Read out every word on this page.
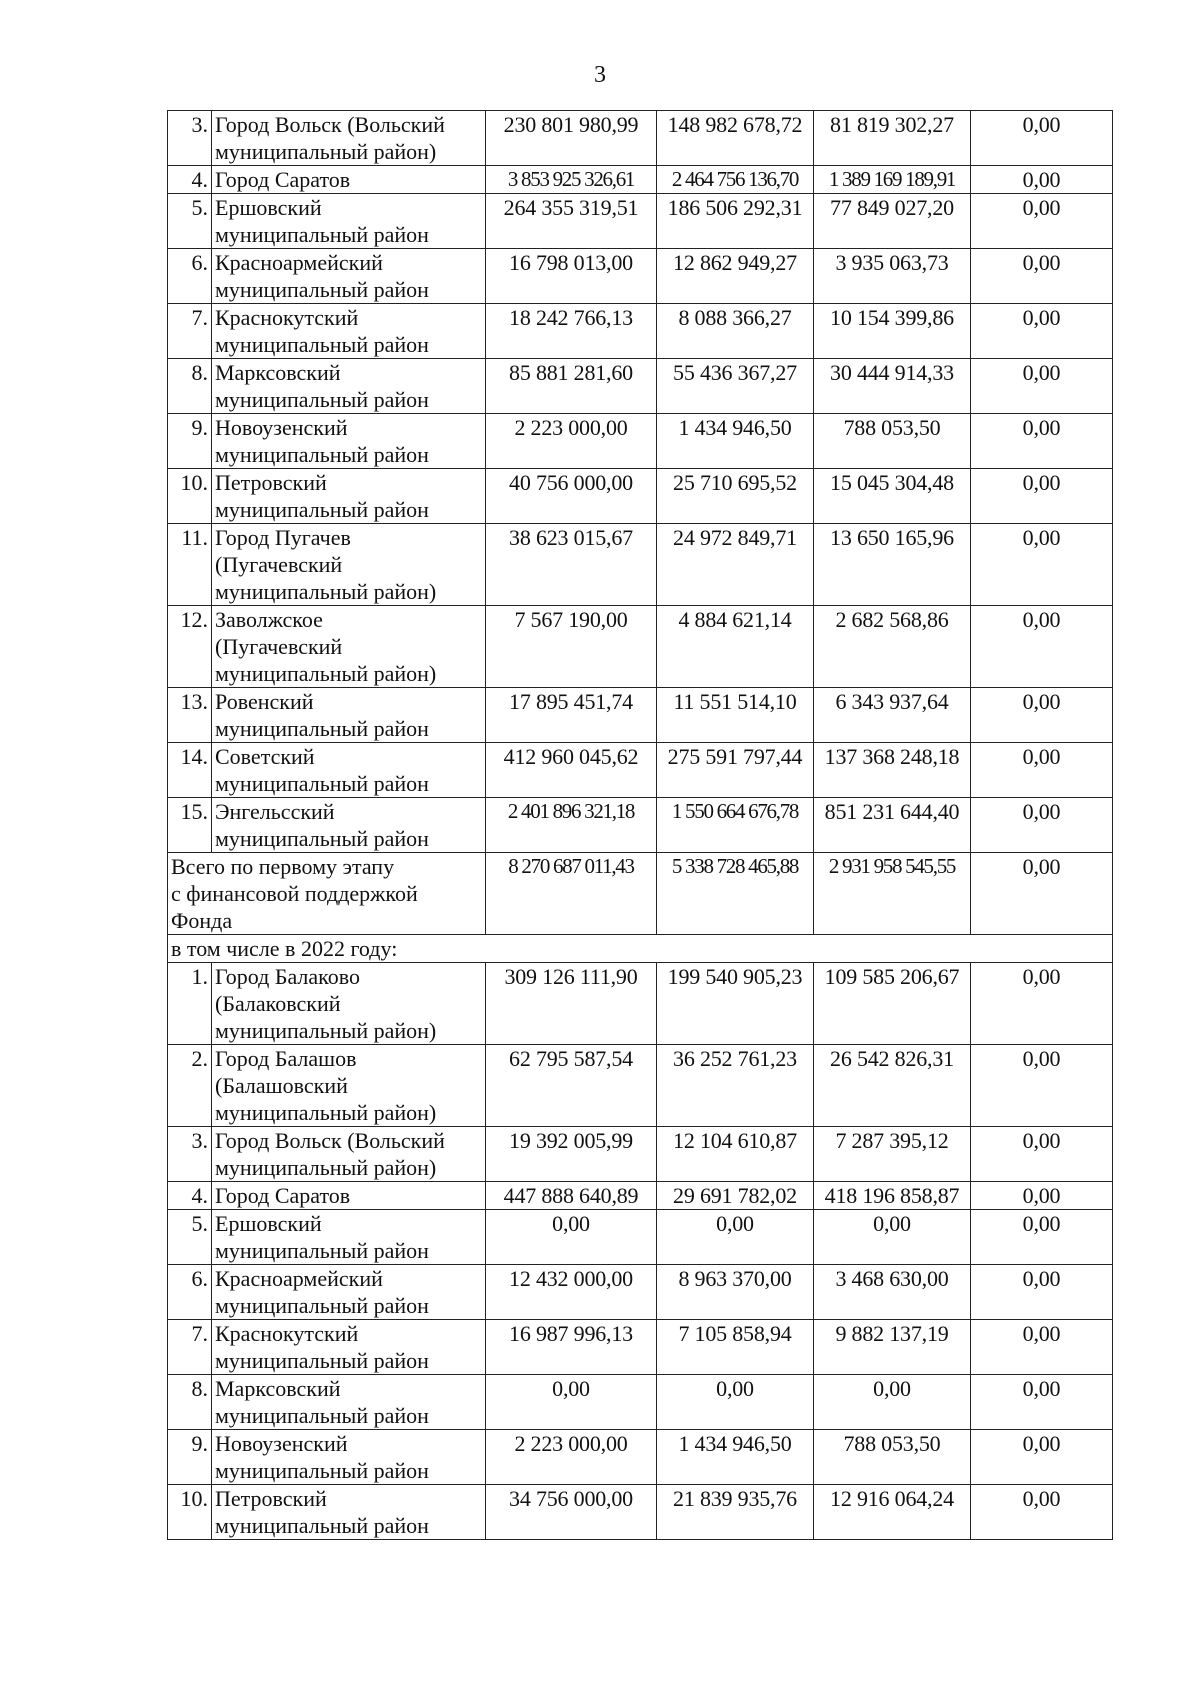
3
3.	Город Вольск (Вольский
муниципальный район)	230 801 980,99	148 982 678,72	81 819 302,27	0,00
4.	Город Саратов	3 853 925 326,61	2 464 756 136,70	1 389 169 189,91	0,00
5.	Ершовский
муниципальный район	264 355 319,51	186 506 292,31	77 849 027,20	0,00
6.	Красноармейский
муниципальный район	16 798 013,00	12 862 949,27	3 935 063,73	0,00
7.	Краснокутский
муниципальный район	18 242 766,13	8 088 366,27	10 154 399,86	0,00
8.	Марксовский
муниципальный район	85 881 281,60	55 436 367,27	30 444 914,33	0,00
9.	Новоузенский
муниципальный район	2 223 000,00	1 434 946,50	788 053,50	0,00
10.	Петровский
муниципальный район	40 756 000,00	25 710 695,52	15 045 304,48	0,00
11.	Город Пугачев
(Пугачевский
муниципальный район)	38 623 015,67	24 972 849,71	13 650 165,96	0,00
12.	Заволжское
(Пугачевский
муниципальный район)	7 567 190,00	4 884 621,14	2 682 568,86	0,00
13.	Ровенский
муниципальный район	17 895 451,74	11 551 514,10	6 343 937,64	0,00
14.	Советский
муниципальный район	412 960 045,62	275 591 797,44	137 368 248,18	0,00
15.	Энгельсский
муниципальный район	2 401 896 321,18	1 550 664 676,78	851 231 644,40	0,00

Всего по первому этапу
с финансовой поддержкой
Фонда		8 270 687 011,43	5 338 728 465,88	2 931 958 545,55	0,00
в том числе в 2022 году:					
1.	Город Балаково
(Балаковский
муниципальный район)	309 126 111,90	199 540 905,23	109 585 206,67	0,00
2.	Город Балашов
(Балашовский
муниципальный район)	62 795 587,54	36 252 761,23	26 542 826,31	0,00
3.	Город Вольск (Вольский
муниципальный район)	19 392 005,99	12 104 610,87	7 287 395,12	0,00
4.	Город Саратов	447 888 640,89	29 691 782,02	418 196 858,87	0,00
5.	Ершовский
муниципальный район	0,00	0,00	0,00	0,00
6.	Красноармейский
муниципальный район	12 432 000,00	8 963 370,00	3 468 630,00	0,00
7.	Краснокутский
муниципальный район	16 987 996,13	7 105 858,94	9 882 137,19	0,00
8.	Марксовский
муниципальный район	0,00	0,00	0,00	0,00
9.	Новоузенский
муниципальный район	2 223 000,00	1 434 946,50	788 053,50	0,00
10.	Петровский
муниципальный район	34 756 000,00	21 839 935,76	12 916 064,24	0,00
